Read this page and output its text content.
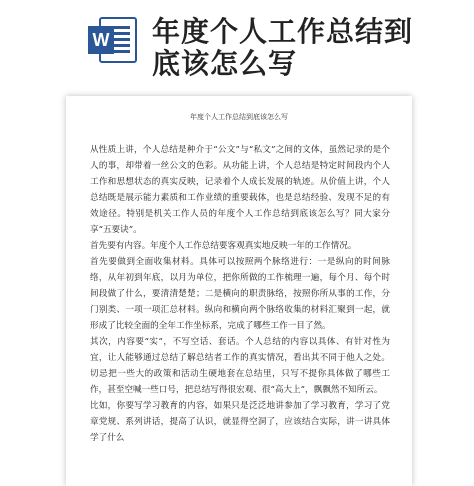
W 年度个人工作总结到
底该怎么写
年度个人工作总结到底该怎么写

从性质上讲，个人总结是种介于“公文”与“私文”之间的文体，虽然记录的是个人的事，却带着一丝公文的色彩。从功能上讲，个人总结是特定时间段内个人工作和思想状态的真实反映，记录着个人成长发展的轨迹。从价值上讲，个人总结既是展示能力素质和工作业绩的重要载体，也是总结经验、发现不足的有效途径。特别是机关工作人员的年度个人工作总结到底该怎么写？同大家分享“五要诀”。

首先要有内容。年度个人工作总结要客观真实地反映一年的工作情况。

首先要做到全面收集材料。具体可以按照两个脉络进行：一是纵向的时间脉络，从年初到年底，以月为单位，把你所做的工作梳理一遍，每个月、每个时间段做了什么，要清清楚楚；二是横向的职责脉络，按照你所从事的工作，分门别类、一项一项汇总材料。纵向和横向两个脉络收集的材料汇聚到一起，就形成了比较全面的全年工作坐标系，完成了哪些工作一目了然。

其次，内容要“实”，不写空话、套话。个人总结的内容以具体、有针对性为宜，让人能够通过总结了解总结者工作的真实情况，看出其不同于他人之处。切忌把一些大的政策和活动生硬地套在总结里，只写不提你具体做了哪些工作，甚至空喊一些口号，把总结写得很宏观、很“高大上”，飘飘然不知所云。

比如，你要写学习教育的内容，如果只是泛泛地讲参加了学习教育，学习了党章党规、系列讲话，提高了认识，就显得空洞了，应该结合实际，讲一讲具体学了什么
